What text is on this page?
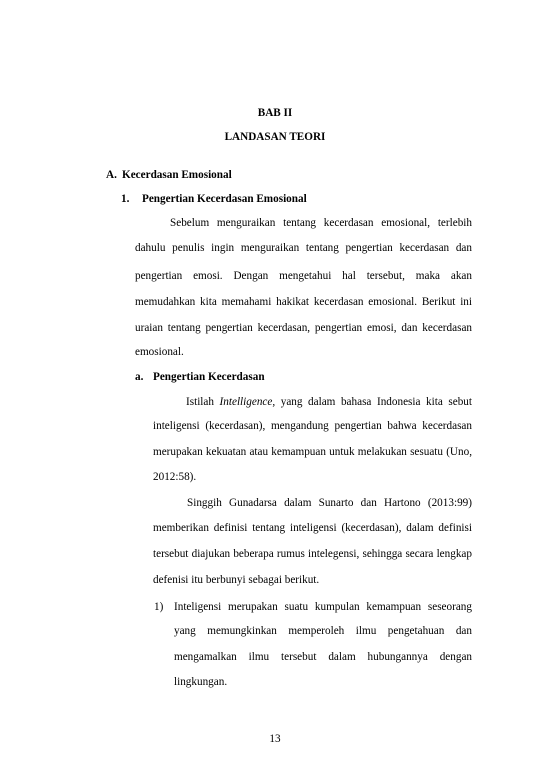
BAB II
LANDASAN TEORI
A. Kecerdasan Emosional
1. Pengertian Kecerdasan Emosional
Sebelum menguraikan tentang kecerdasan emosional, terlebih
dahulu penulis ingin menguraikan tentang pengertian kecerdasan dan
pengertian emosi. Dengan mengetahui hal tersebut, maka akan
memudahkan kita memahami hakikat kecerdasan emosional. Berikut ini
uraian tentang pengertian kecerdasan, pengertian emosi, dan kecerdasan
emosional.
a. Pengertian Kecerdasan
Istilah Intelligence, yang dalam bahasa Indonesia kita sebut
inteligensi (kecerdasan), mengandung pengertian bahwa kecerdasan
merupakan kekuatan atau kemampuan untuk melakukan sesuatu (Uno,
2012:58).
Singgih Gunadarsa dalam Sunarto dan Hartono (2013:99)
memberikan definisi tentang inteligensi (kecerdasan), dalam definisi
tersebut diajukan beberapa rumus intelegensi, sehingga secara lengkap
defenisi itu berbunyi sebagai berikut.
1) Inteligensi merupakan suatu kumpulan kemampuan seseorang
yang memungkinkan memperoleh ilmu pengetahuan dan
mengamalkan ilmu tersebut dalam hubungannya dengan
lingkungan.
13
